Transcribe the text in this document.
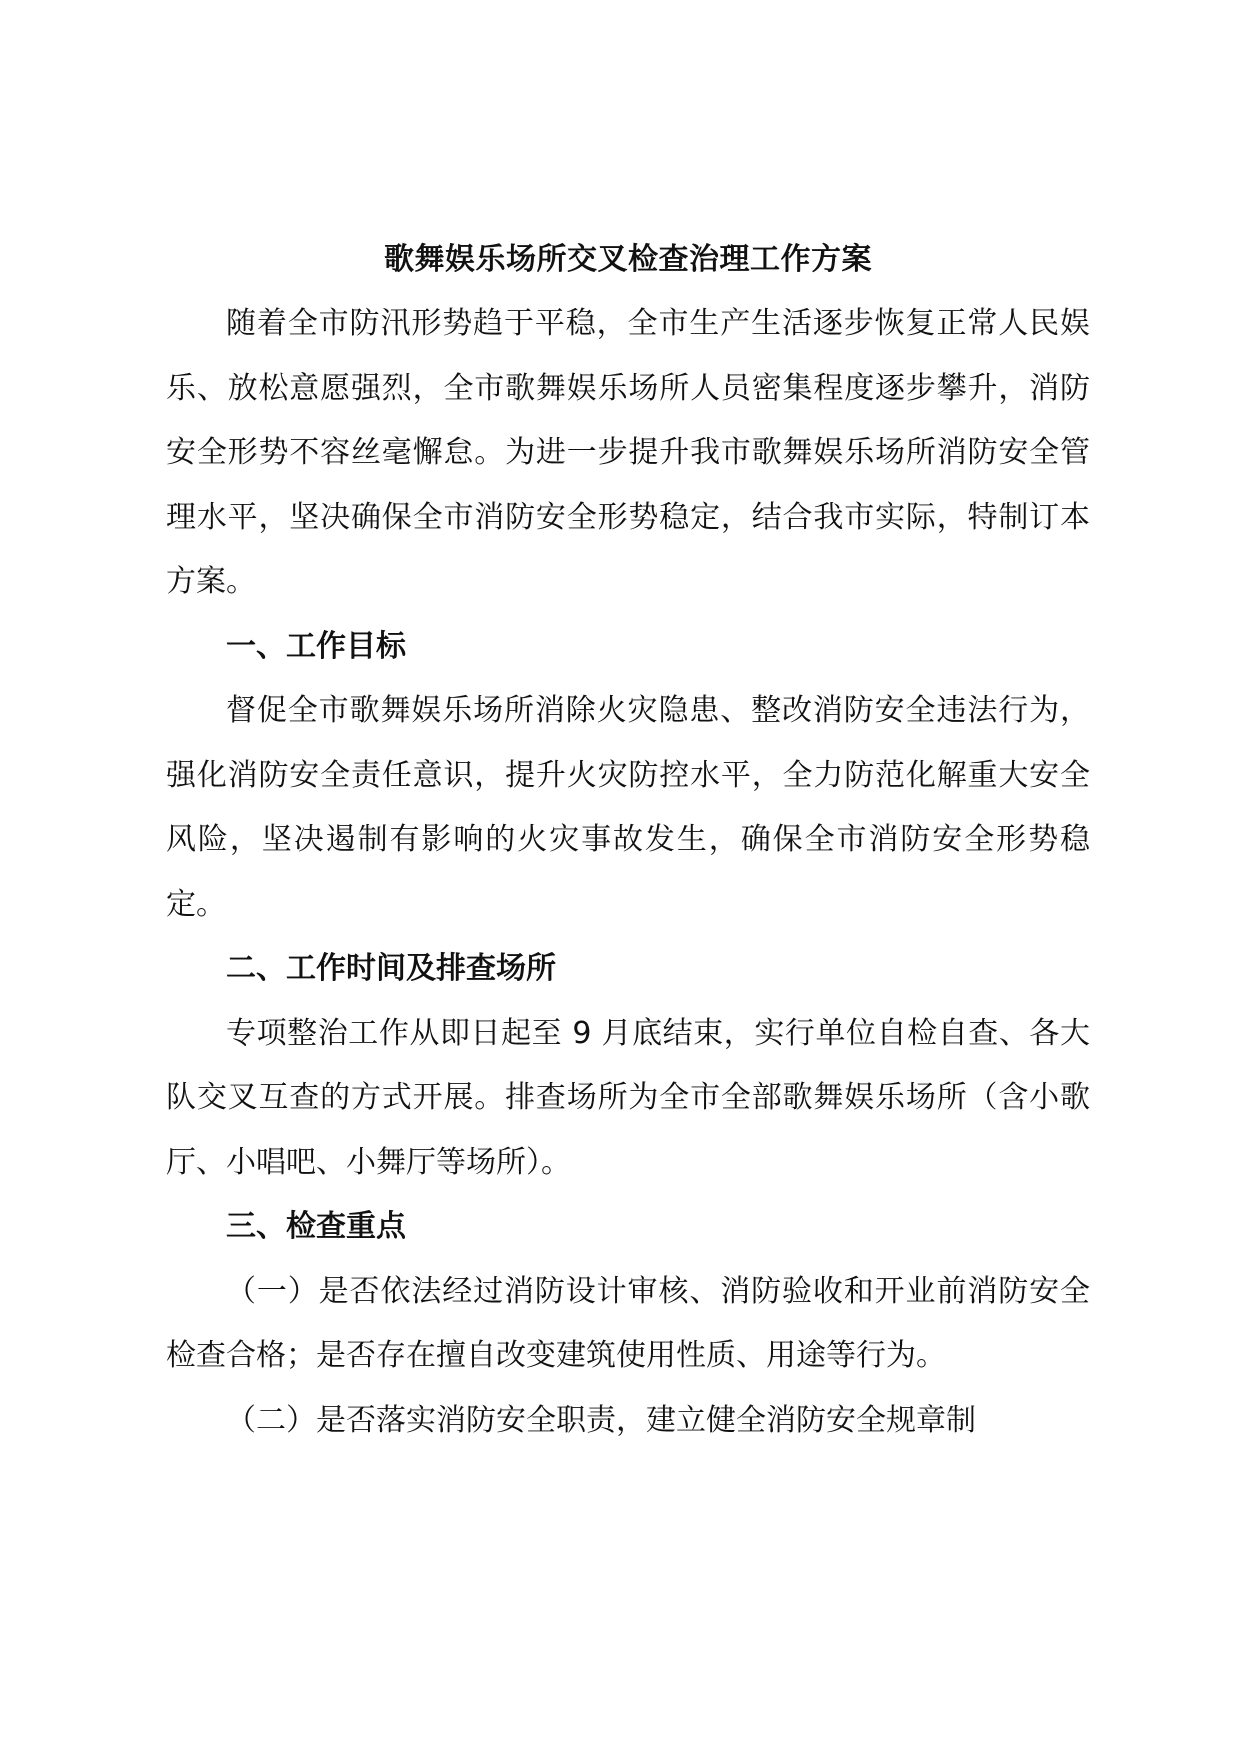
歌舞娱乐场所交叉检查治理工作方案

随着全市防汛形势趋于平稳，全市生产生活逐步恢复正常人民娱乐、放松意愿强烈，全市歌舞娱乐场所人员密集程度逐步攀升，消防安全形势不容丝毫懈怠。为进一步提升我市歌舞娱乐场所消防安全管理水平，坚决确保全市消防安全形势稳定，结合我市实际，特制订本方案。

一、工作目标

督促全市歌舞娱乐场所消除火灾隐患、整改消防安全违法行为，强化消防安全责任意识，提升火灾防控水平，全力防范化解重大安全风险，坚决遏制有影响的火灾事故发生，确保全市消防安全形势稳定。

二、工作时间及排查场所

专项整治工作从即日起至 9 月底结束，实行单位自检自查、各大队交叉互查的方式开展。排查场所为全市全部歌舞娱乐场所（含小歌厅、小唱吧、小舞厅等场所）。

三、检查重点

（一）是否依法经过消防设计审核、消防验收和开业前消防安全检查合格；是否存在擅自改变建筑使用性质、用途等行为。

（二）是否落实消防安全职责，建立健全消防安全规章制
